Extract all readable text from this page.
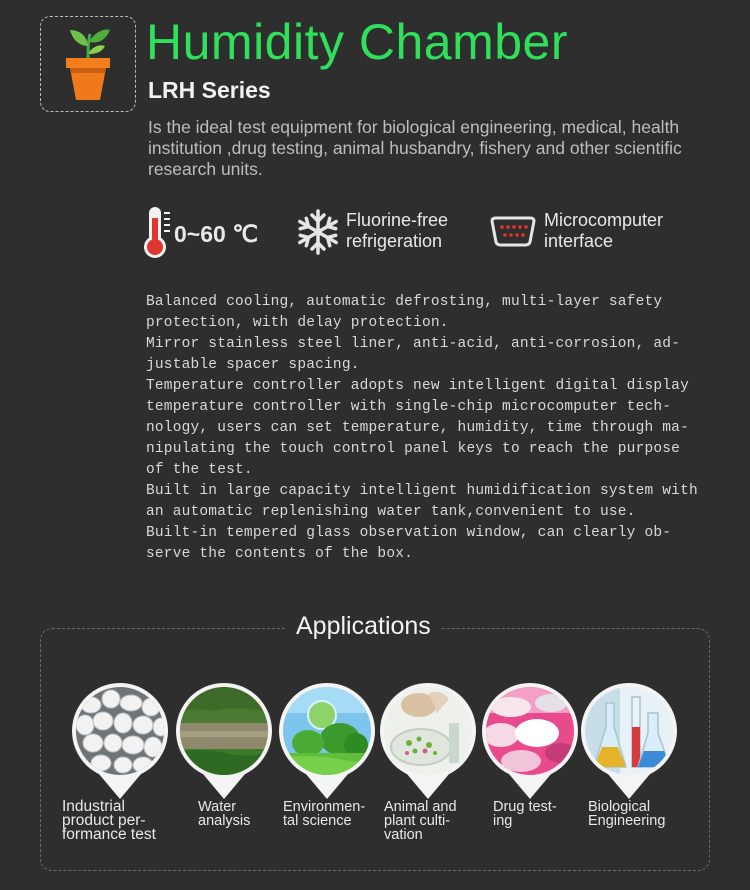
Humidity Chamber
LRH Series

Is the ideal test equipment for biological engineering, medical, health institution ,drug testing, animal husbandry, fishery and other scientific research units.

0~60 ℃
Fluorine-free
refrigeration
Microcomputer
interface

Balanced cooling, automatic defrosting, multi-layer safety protection, with delay protection.

Mirror stainless steel liner, anti-acid, anti-corrosion, ad-justable spacer spacing.

Temperature controller adopts new intelligent digital display temperature controller with single-chip microcomputer tech-nology, users can set temperature, humidity, time through ma-nipulating the touch control panel keys to reach the purpose of the test.

Built in large capacity intelligent humidification system with an automatic replenishing water tank,convenient to use.

Built-in tempered glass observation window, can clearly ob-serve the contents of the box.

Applications
Industrial
product per-
formance test
Water
analysis
Environmen-
tal science
Animal and
plant culti-
vation
Drug test-
ing
Biological
Engineering
